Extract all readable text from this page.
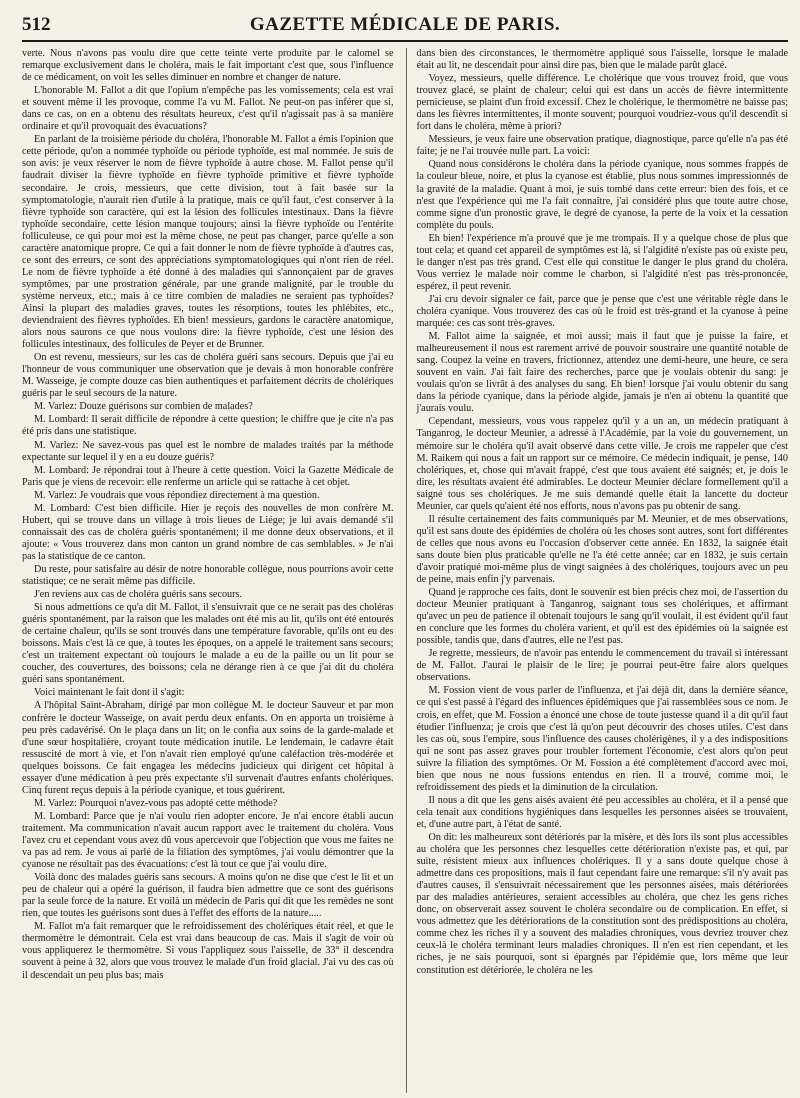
512	GAZETTE MÉDICALE DE PARIS.

verte. Nous n'avons pas voulu dire que cette teinte verte produite par le calomel se remarque exclusivement dans le choléra, mais le fait important c'est que, sous l'influence de ce médicament, on voit les selles diminuer en nombre et changer de nature.

L'honorable M. Fallot a dit que l'opium n'empêche pas les vomissements; cela est vrai et souvent même il les provoque, comme l'a vu M. Fallot. Ne peut-on pas inférer que si, dans ce cas, on en a obtenu des résultats heureux, c'est qu'il n'agissait pas à sa manière ordinaire et qu'il provoquait des évacuations?

En parlant de la troisième période du choléra, l'honorable M. Fallot a émis l'opinion que cette période, qu'on a nommée typhoïde ou période typhoïde, est mal nommée. Je suis de son avis: je veux réserver le nom de fièvre typhoïde à autre chose. M. Fallot pense qu'il faudrait diviser la fièvre typhoïde en fièvre typhoïde primitive et fièvre typhoïde secondaire. Je crois, messieurs, que cette division, tout à fait basée sur la symptomatologie, n'aurait rien d'utile à la pratique, mais ce qu'il faut, c'est conserver à la fièvre typhoïde son caractère, qui est la lésion des follicules intestinaux. Dans la fièvre typhoïde secondaire, cette lésion manque toujours; ainsi la fièvre typhoïde ou l'entérite folliculeuse, ce qui pour moi est la même chose, ne peut pas changer, parce qu'elle a son caractère anatomique propre. Ce qui a fait donner le nom de fièvre typhoïde à d'autres cas, ce sont des erreurs, ce sont des appréciations symptomatologiques qui n'ont rien de réel. Le nom de fièvre typhoïde a été donné à des maladies qui s'annonçaient par de graves symptômes, par une prostration générale, par une grande malignité, par le trouble du système nerveux, etc.; mais à ce titre combien de maladies ne seraient pas typhoïdes? Ainsi la plupart des maladies graves, toutes les résorptions, toutes les phlébites, etc., deviendraient des fièvres typhoïdes. Eh bien! messieurs, gardons le caractère anatomique, alors nous saurons ce que nous voulons dire: la fièvre typhoïde, c'est une lésion des follicules intestinaux, des follicules de Peyer et de Brunner.

On est revenu, messieurs, sur les cas de choléra guéri sans secours. Depuis que j'ai eu l'honneur de vous communiquer une observation que je devais à mon honorable confrère M. Wasseige, je compte douze cas bien authentiques et parfaitement décrits de cholériques guéris par le seul secours de la nature.

M. Varlez: Douze guérisons sur combien de malades?

M. Lombard: Il serait difficile de répondre à cette question; le chiffre que je cite n'a pas été pris dans une statistique.

M. Varlez: Ne savez-vous pas quel est le nombre de malades traités par la méthode expectante sur lequel il y en a eu douze guéris?

M. Lombard: Je répondrai tout à l'heure à cette question. Voici la Gazette Médicale de Paris que je viens de recevoir: elle renferme un article qui se rattache à cet objet.

M. Varlez: Je voudrais que vous répondiez directement à ma question.

M. Lombard: C'est bien difficile. Hier je reçois des nouvelles de mon confrère M. Hubert, qui se trouve dans un village à trois lieues de Liége; je lui avais demandé s'il connaissait des cas de choléra guéris spontanément; il me donne deux observations, et il ajoute: « Vous trouverez dans mon canton un grand nombre de cas semblables. » Je n'ai pas la statistique de ce canton.

Du reste, pour satisfaire au désir de notre honorable collègue, nous pourrions avoir cette statistique; ce ne serait même pas difficile.

J'en reviens aux cas de choléra guéris sans secours.

Si nous admettions ce qu'a dit M. Fallot, il s'ensuivrait que ce ne serait pas des choléras guéris spontanément, par la raison que les malades ont été mis au lit, qu'ils ont été entourés de certaine chaleur, qu'ils se sont trouvés dans une température favorable, qu'ils ont eu des boissons. Mais c'est là ce que, à toutes les époques, on a appelé le traitement sans secours; c'est un traitement expectant où toujours le malade a eu de la paille ou un lit pour se coucher, des couvertures, des boissons; cela ne dérange rien à ce que j'ai dit du choléra guéri sans spontanément.

Voici maintenant le fait dont il s'agit:

A l'hôpital Saint-Abraham, dirigé par mon collègue M. le docteur Sauveur et par mon confrère le docteur Wasseige, on avait perdu deux enfants. On en apporta un troisième à peu près cadavérisé. On le plaça dans un lit; on le confia aux soins de la garde-malade et d'une sœur hospitalière, croyant toute médication inutile. Le lendemain, le cadavre était ressuscité de mort à vie, et l'on n'avait rien employé qu'une caléfaction très-modérée et quelques boissons. Ce fait engagea les médecins judicieux qui dirigent cet hôpital à essayer d'une médication à peu près expectante s'il survenait d'autres enfants cholériques. Cinq furent reçus depuis à la période cyanique, et tous guérirent.

M. Varlez: Pourquoi n'avez-vous pas adopté cette méthode?

M. Lombard: Parce que je n'ai voulu rien adopter encore. Je n'ai encore établi aucun traitement. Ma communication n'avait aucun rapport avec le traitement du choléra. Vous l'avez cru et cependant vous avez dû vous apercevoir que l'objection que vous me faites ne va pas ad rem. Je vous ai parlé de la filiation des symptômes, j'ai voulu démontrer que la cyanose ne résultait pas des évacuations: c'est là tout ce que j'ai voulu dire.

Voilà donc des malades guéris sans secours. A moins qu'on ne dise que c'est le lit et un peu de chaleur qui a opéré la guérison, il faudra bien admettre que ce sont des guérisons par la seule force de la nature. Et voilà un médecin de Paris qui dit que les remèdes ne sont rien, que toutes les guérisons sont dues à l'effet des efforts de la nature.....

M. Fallot m'a fait remarquer que le refroidissement des cholériques était réel, et que le thermomètre le démontrait. Cela est vrai dans beaucoup de cas. Mais il s'agit de voir où vous appliquerez le thermomètre. Si vous l'appliquez sous l'aisselle, de 33° il descendra souvent à peine à 32, alors que vous trouvez le malade d'un froid glacial. J'ai vu des cas où il descendait un peu plus bas; mais

dans bien des circonstances, le thermomètre appliqué sous l'aisselle, lorsque le malade était au lit, ne descendait pour ainsi dire pas, bien que le malade parût glacé.

Voyez, messieurs, quelle différence. Le cholérique que vous trouvez froid, que vous trouvez glacé, se plaint de chaleur; celui qui est dans un accès de fièvre intermittente pernicieuse, se plaint d'un froid excessif. Chez le cholérique, le thermomètre ne baisse pas; dans les fièvres intermittentes, il monte souvent; pourquoi voudriez-vous qu'il descendît si fort dans le choléra, même à priori?

Messieurs, je veux faire une observation pratique, diagnostique, parce qu'elle n'a pas été faite; je ne l'ai trouvée nulle part. La voici:

Quand nous considérons le choléra dans la période cyanique, nous sommes frappés de la couleur bleue, noire, et plus la cyanose est établie, plus nous sommes impressionnés de la gravité de la maladie. Quant à moi, je suis tombé dans cette erreur: bien des fois, et ce n'est que l'expérience qui me l'a fait connaître, j'ai considéré plus que toute autre chose, comme signe d'un pronostic grave, le degré de cyanose, la perte de la voix et la cessation complète du pouls.

Eh bien! l'expérience m'a prouvé que je me trompais. Il y a quelque chose de plus que tout cela; et quand cet appareil de symptômes est là, si l'algidité n'existe pas où existe peu, le danger n'est pas très grand. C'est elle qui constitue le danger le plus grand du choléra. Vous verriez le malade noir comme le charbon, si l'algidité n'est pas très-prononcée, espérez, il peut revenir.

J'ai cru devoir signaler ce fait, parce que je pense que c'est une véritable règle dans le choléra cyanique. Vous trouverez des cas où le froid est très-grand et la cyanose à peine marquée: ces cas sont très-graves.

M. Fallot aime la saignée, et moi aussi; mais il faut que je puisse la faire, et malheureusement il nous est rarement arrivé de pouvoir soustraire une quantité notable de sang. Coupez la veine en travers, frictionnez, attendez une demi-heure, une heure, ce sera souvent en vain. J'ai fait faire des recherches, parce que je voulais obtenir du sang: je voulais qu'on se livrât à des analyses du sang. Eh bien! lorsque j'ai voulu obtenir du sang dans la période cyanique, dans la période algide, jamais je n'en ai obtenu la quantité que j'aurais voulu.

Cependant, messieurs, vous vous rappelez qu'il y a un an, un médecin pratiquant à Tanganrog, le docteur Meunier, a adressé à l'Académie, par la voie du gouvernement, un mémoire sur le choléra qu'il avait observé dans cette ville. Je crois me rappeler que c'est M. Raikem qui nous a fait un rapport sur ce mémoire. Ce médecin indiquait, je pense, 140 cholériques, et, chose qui m'avait frappé, c'est que tous avaient été saignés; et, je dois le dire, les résultats avaient été admirables. Le docteur Meunier déclare formellement qu'il a saigné tous ses cholériques. Je me suis demandé quelle était la lancette du docteur Meunier, car quels qu'aient été nos efforts, nous n'avons pas pu obtenir de sang.

Il résulte certainement des faits communiqués par M. Meunier, et de mes observations, qu'il est sans doute des épidémies de choléra où les choses sont autres, sont fort différentes de celles que nous avons eu l'occasion d'observer cette année. En 1832, la saignée était sans doute bien plus praticable qu'elle ne l'a été cette année; car en 1832, je suis certain d'avoir pratiqué moi-même plus de vingt saignées à des cholériques, toujours avec un peu de peine, mais enfin j'y parvenais.

Quand je rapproche ces faits, dont le souvenir est bien précis chez moi, de l'assertion du docteur Meunier pratiquant à Tanganrog, saignant tous ses cholériques, et affirmant qu'avec un peu de patience il obtenait toujours le sang qu'il voulait, il est évident qu'il faut en conclure que les formes du choléra varient, et qu'il est des épidémies où la saignée est possible, tandis que, dans d'autres, elle ne l'est pas.

Je regrette, messieurs, de n'avoir pas entendu le commencement du travail si intéressant de M. Fallot. J'aurai le plaisir de le lire; je pourrai peut-être faire alors quelques observations.

M. Fossion vient de vous parler de l'influenza, et j'ai déjà dit, dans la dernière séance, ce qui s'est passé à l'égard des influences épidémiques que j'ai rassemblées sous ce nom. Je crois, en effet, que M. Fossion a énoncé une chose de toute justesse quand il a dit qu'il faut étudier l'influenza; je crois que c'est là qu'on peut découvrir des choses utiles. C'est dans les cas où, sous l'empire, sous l'influence des causes cholérigènes, il y a des indispositions qui ne sont pas assez graves pour troubler fortement l'économie, c'est alors qu'on peut suivre la filiation des symptômes. Or M. Fossion a été complètement d'accord avec moi, bien que nous ne nous fussions entendus en rien. Il a trouvé, comme moi, le refroidissement des pieds et la diminution de la circulation.

Il nous a dit que les gens aisés avaient été peu accessibles au choléra, et il a pensé que cela tenait aux conditions hygiéniques dans lesquelles les personnes aisées se trouvaient, et, d'une autre part, à l'état de santé.

On dit: les malheureux sont détériorés par la misère, et dès lors ils sont plus accessibles au choléra que les personnes chez lesquelles cette détérioration n'existe pas, et qui, par suite, résistent mieux aux influences cholériques. Il y a sans doute quelque chose à admettre dans ces propositions, mais il faut cependant faire une remarque: s'il n'y avait pas d'autres causes, il s'ensuivrait nécessairement que les personnes aisées, mais détériorées par des maladies antérieures, seraient accessibles au choléra, que chez les gens riches donc, on observerait assez souvent le choléra secondaire ou de complication. En effet, si vous admettez que les détériorations de la constitution sont des prédispositions au choléra, comme chez les riches il y a souvent des maladies chroniques, vous devriez trouver chez ceux-là le choléra terminant leurs maladies chroniques. Il n'en est rien cependant, et les riches, je ne sais pourquoi, sont si épargnés par l'épidémie que, lors même que leur constitution est détériorée, le choléra ne les
